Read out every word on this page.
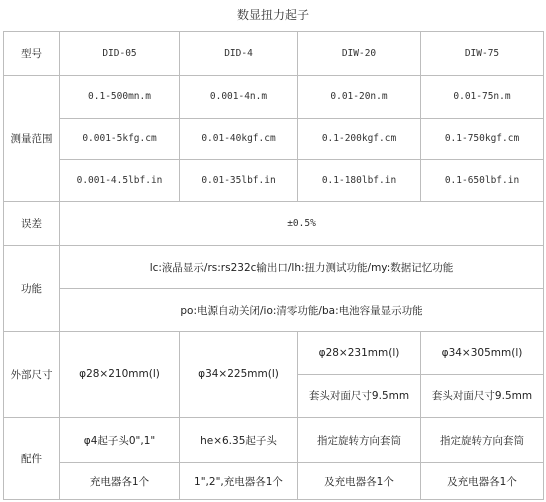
数显扭力起子
型号	DID-05	DID-4	DIW-20	DIW-75
测量范围	0.1-500mn.m	0.001-4n.m	0.01-20n.m	0.01-75n.m
	0.001-5kfg.cm	0.01-40kgf.cm	0.1-200kgf.cm	0.1-750kgf.cm
	0.001-4.5lbf.in	0.01-35lbf.in	0.1-180lbf.in	0.1-650lbf.in
误差	±0.5%			
功能	lc:液晶显示/rs:rs232c输出口/lh:扭力测试功能/my:数据记忆功能			
	po:电源自动关闭/io:清零功能/ba:电池容量显示功能			
外部尺寸	φ28×210mm(l)	φ34×225mm(l)	φ28×231mm(l)	φ34×305mm(l)
			套头对面尺寸9.5mm	套头对面尺寸9.5mm
配件	φ4起子头0",1"	he×6.35起子头	指定旋转方向套筒	指定旋转方向套筒
	充电器各1个	1",2",充电器各1个	及充电器各1个	及充电器各1个
